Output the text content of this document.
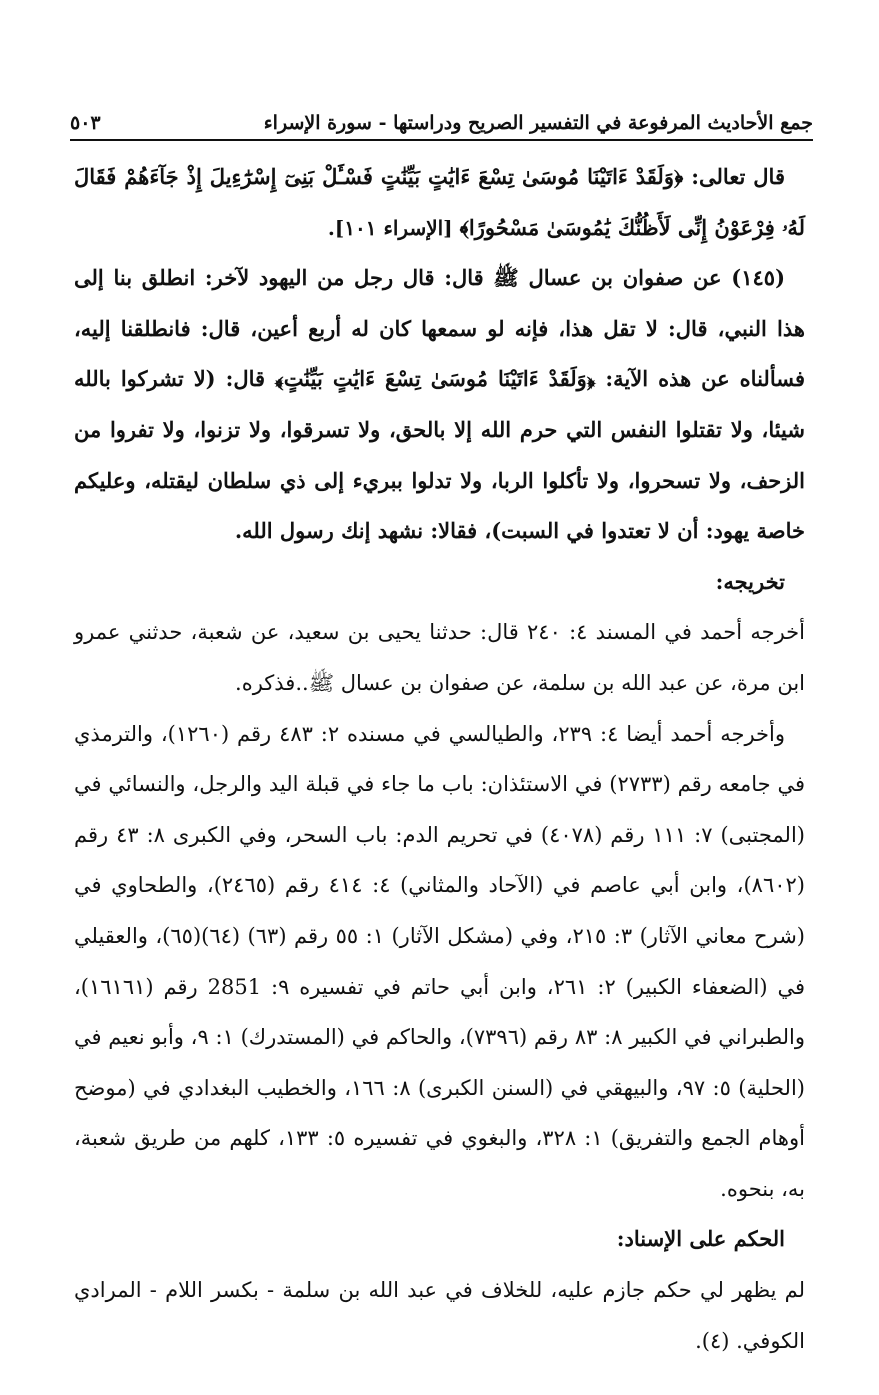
جمع الأحاديث المرفوعة في التفسير الصريح ودراستها - سورة الإسراء
٥٠٣

قال تعالى: ﴿وَلَقَدْ ءَاتَيْنَا مُوسَىٰ تِسْعَ ءَايَٰتٍ بَيِّنَٰتٍ فَسْـَٔلْ بَنِىٓ إِسْرَٰٓءِيلَ إِذْ جَآءَهُمْ فَقَالَ لَهُۥ فِرْعَوْنُ إِنِّى لَأَظُنُّكَ يَٰمُوسَىٰ مَسْحُورًا﴾ [الإسراء ١٠١].

(١٤٥) عن صفوان بن عسال ﷺ قال: قال رجل من اليهود لآخر: انطلق بنا إلى هذا النبي، قال: لا تقل هذا، فإنه لو سمعها كان له أربع أعين، قال: فانطلقنا إليه، فسألناه عن هذه الآية: ﴿وَلَقَدْ ءَاتَيْنَا مُوسَىٰ تِسْعَ ءَايَٰتٍ بَيِّنَٰتٍ﴾ قال: (لا تشركوا بالله شيئا، ولا تقتلوا النفس التي حرم الله إلا بالحق، ولا تسرقوا، ولا تزنوا، ولا تفروا من الزحف، ولا تسحروا، ولا تأكلوا الربا، ولا تدلوا ببريء إلى ذي سلطان ليقتله، وعليكم خاصة يهود: أن لا تعتدوا في السبت)، فقالا: نشهد إنك رسول الله.

تخريجه:

أخرجه أحمد في المسند ٤: ٢٤٠ قال: حدثنا يحيى بن سعيد، عن شعبة، حدثني عمرو ابن مرة، عن عبد الله بن سلمة، عن صفوان بن عسال ﷺ..فذكره.

وأخرجه أحمد أيضا ٤: ٢٣٩، والطيالسي في مسنده ٢: ٤٨٣ رقم (١٢٦٠)، والترمذي في جامعه رقم (٢٧٣٣) في الاستئذان: باب ما جاء في قبلة اليد والرجل، والنسائي في (المجتبى) ٧: ١١١ رقم (٤٠٧٨) في تحريم الدم: باب السحر، وفي الكبرى ٨: ٤٣ رقم (٨٦٠٢)، وابن أبي عاصم في (الآحاد والمثاني) ٤: ٤١٤ رقم (٢٤٦٥)، والطحاوي في (شرح معاني الآثار) ٣: ٢١٥، وفي (مشكل الآثار) ١: ٥٥ رقم (٦٣) (٦٤)(٦٥)، والعقيلي في (الضعفاء الكبير) ٢: ٢٦١، وابن أبي حاتم في تفسيره ٩: 2851 رقم (١٦١٦١)، والطبراني في الكبير ٨: ٨٣ رقم (٧٣٩٦)، والحاكم في (المستدرك) ١: ٩، وأبو نعيم في (الحلية) ٥: ٩٧، والبيهقي في (السنن الكبرى) ٨: ١٦٦، والخطيب البغدادي في (موضح أوهام الجمع والتفريق) ١: ٣٢٨، والبغوي في تفسيره ٥: ١٣٣، كلهم من طريق شعبة، به، بنحوه.

الحكم على الإسناد:

لم يظهر لي حكم جازم عليه، للخلاف في عبد الله بن سلمة - بكسر اللام - المرادي الكوفي. (٤).
